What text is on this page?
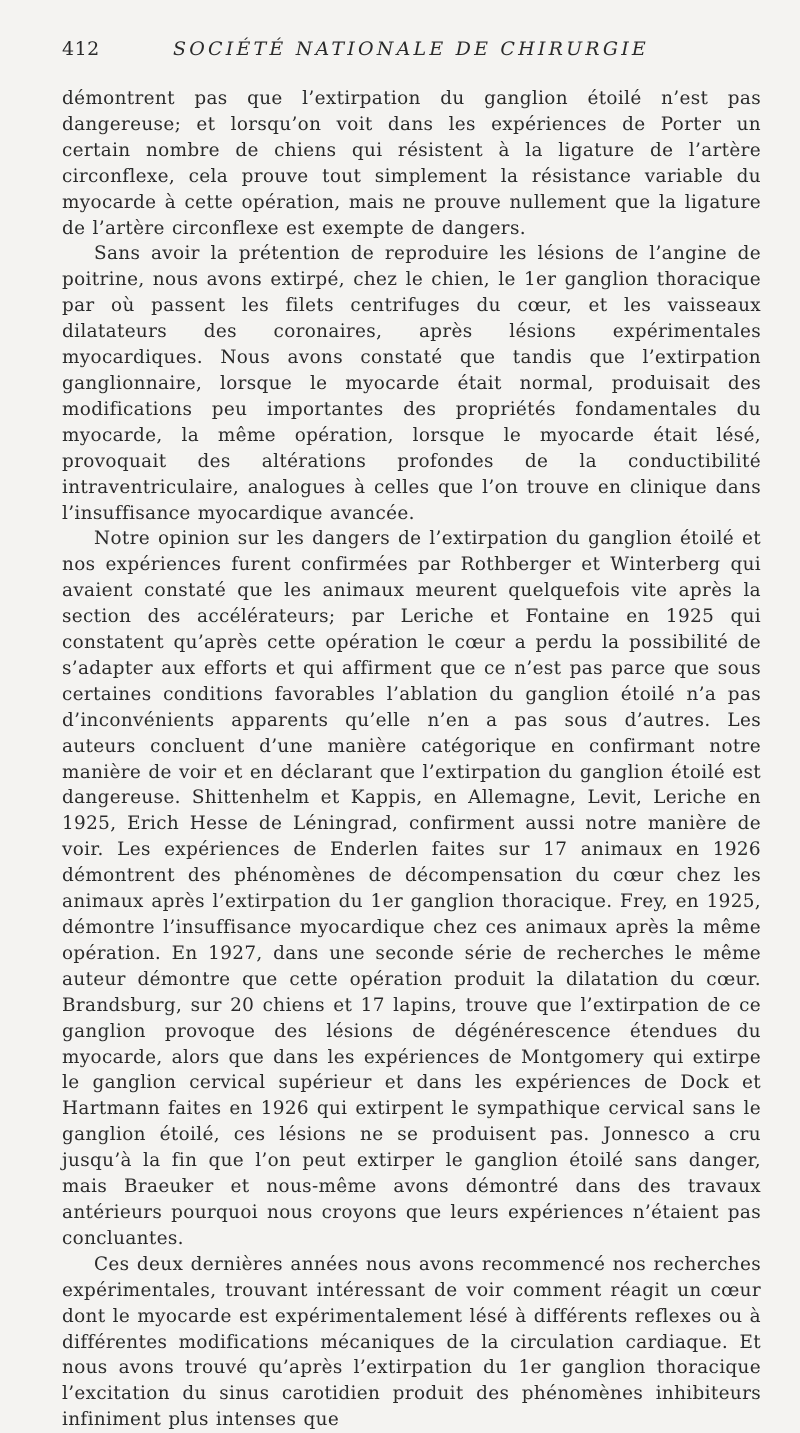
412	SOCIÉTÉ NATIONALE DE CHIRURGIE

démontrent pas que l’extirpation du ganglion étoilé n’est pas dangereuse; et lorsqu’on voit dans les expériences de Porter un certain nombre de chiens qui résistent à la ligature de l’artère circonflexe, cela prouve tout simplement la résistance variable du myocarde à cette opération, mais ne prouve nullement que la ligature de l’artère circonflexe est exempte de dangers.

Sans avoir la prétention de reproduire les lésions de l’angine de poitrine, nous avons extirpé, chez le chien, le 1er ganglion thoracique par où passent les filets centrifuges du cœur, et les vaisseaux dilatateurs des coronaires, après lésions expérimentales myocardiques. Nous avons constaté que tandis que l’extirpation ganglionnaire, lorsque le myocarde était normal, produisait des modifications peu importantes des propriétés fondamentales du myocarde, la même opération, lorsque le myocarde était lésé, provoquait des altérations profondes de la conductibilité intraventriculaire, analogues à celles que l’on trouve en clinique dans l’insuffisance myocardique avancée.

Notre opinion sur les dangers de l’extirpation du ganglion étoilé et nos expériences furent confirmées par Rothberger et Winterberg qui avaient constaté que les animaux meurent quelquefois vite après la section des accélérateurs; par Leriche et Fontaine en 1925 qui constatent qu’après cette opération le cœur a perdu la possibilité de s’adapter aux efforts et qui affirment que ce n’est pas parce que sous certaines conditions favorables l’ablation du ganglion étoilé n’a pas d’inconvénients apparents qu’elle n’en a pas sous d’autres. Les auteurs concluent d’une manière catégorique en confirmant notre manière de voir et en déclarant que l’extirpation du ganglion étoilé est dangereuse. Shittenhelm et Kappis, en Allemagne, Levit, Leriche en 1925, Erich Hesse de Léningrad, confirment aussi notre manière de voir. Les expériences de Enderlen faites sur 17 animaux en 1926 démontrent des phénomènes de décompensation du cœur chez les animaux après l’extirpation du 1er ganglion thoracique. Frey, en 1925, démontre l’insuffisance myocardique chez ces animaux après la même opération. En 1927, dans une seconde série de recherches le même auteur démontre que cette opération produit la dilatation du cœur. Brandsburg, sur 20 chiens et 17 lapins, trouve que l’extirpation de ce ganglion provoque des lésions de dégénérescence étendues du myocarde, alors que dans les expériences de Montgomery qui extirpe le ganglion cervical supérieur et dans les expériences de Dock et Hartmann faites en 1926 qui extirpent le sympathique cervical sans le ganglion étoilé, ces lésions ne se produisent pas. Jonnesco a cru jusqu’à la fin que l’on peut extirper le ganglion étoilé sans danger, mais Braeuker et nous-même avons démontré dans des travaux antérieurs pourquoi nous croyons que leurs expériences n’étaient pas concluantes.

Ces deux dernières années nous avons recommencé nos recherches expérimentales, trouvant intéressant de voir comment réagit un cœur dont le myocarde est expérimentalement lésé à différents reflexes ou à différentes modifications mécaniques de la circulation cardiaque. Et nous avons trouvé qu’après l’extirpation du 1er ganglion thoracique l’excitation du sinus carotidien produit des phénomènes inhibiteurs infiniment plus intenses que
